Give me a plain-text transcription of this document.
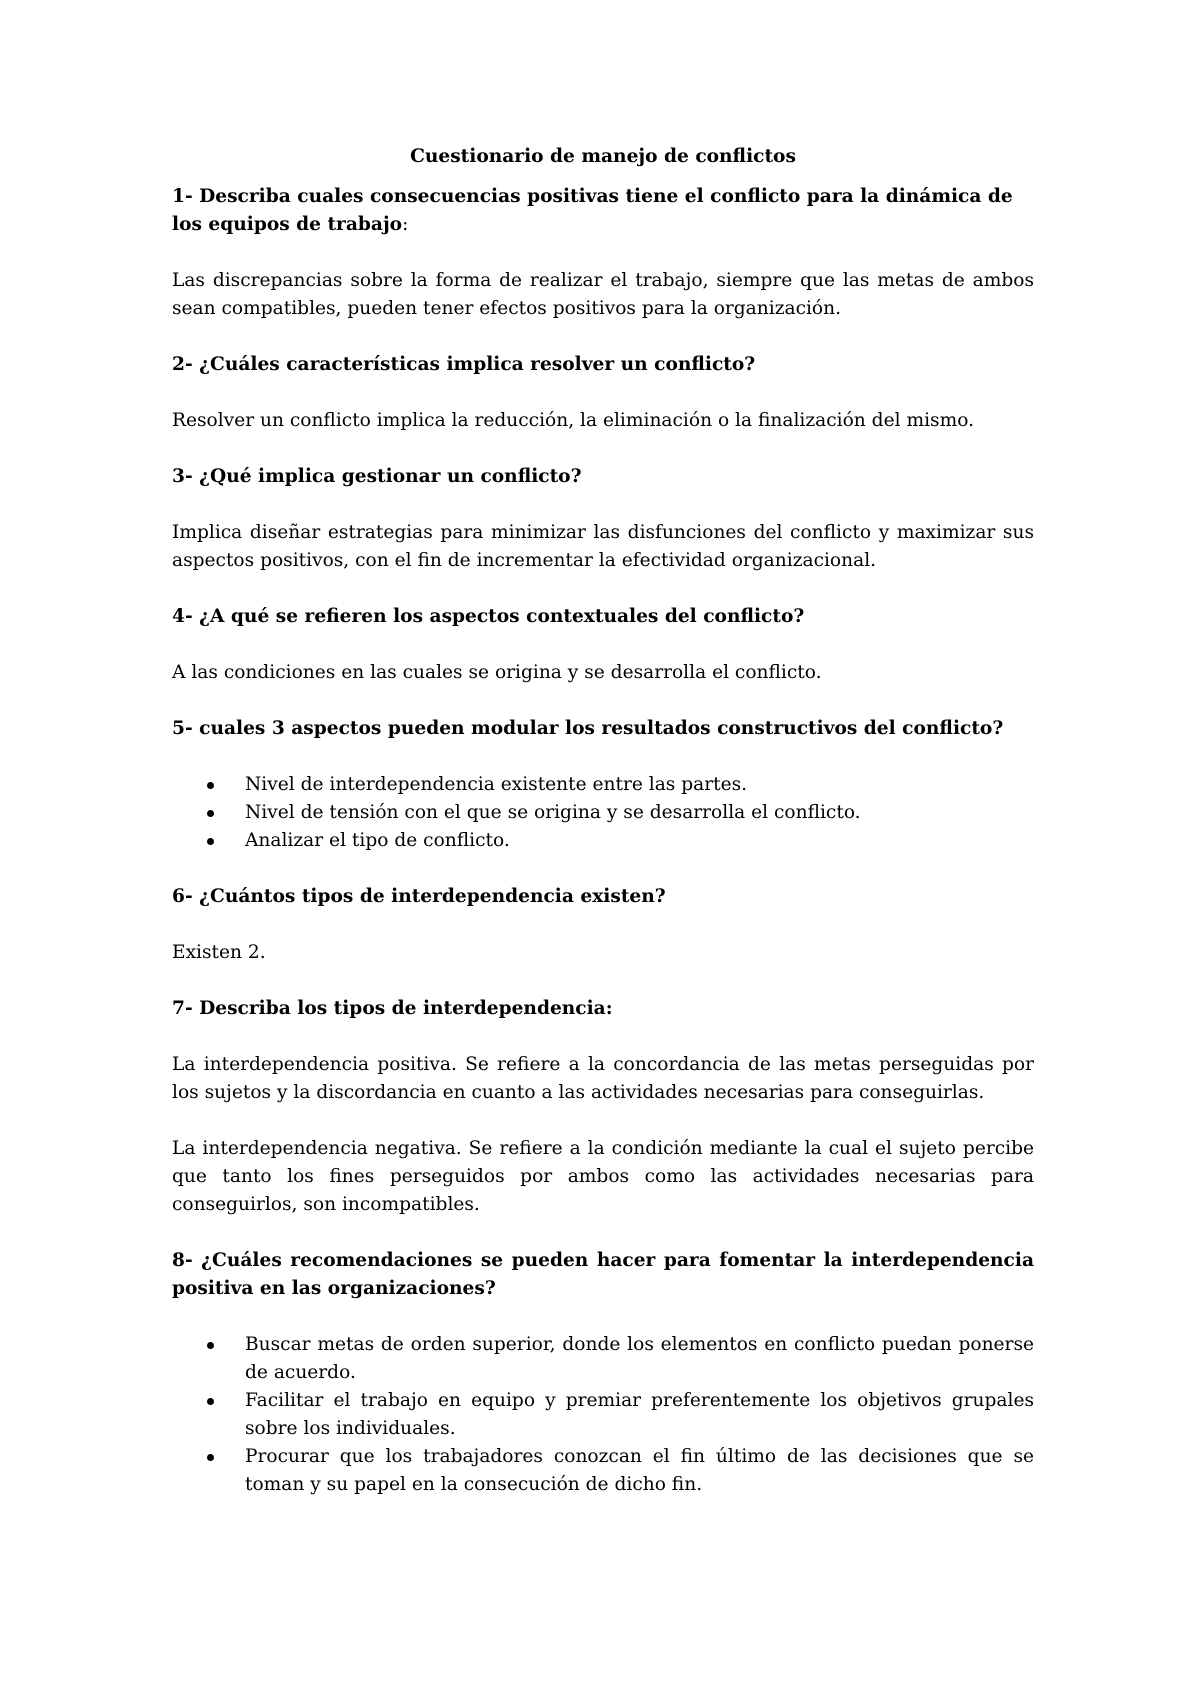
Cuestionario de manejo de conflictos

1- Describa cuales consecuencias positivas tiene el conflicto para la dinámica de los equipos de trabajo:

Las discrepancias sobre la forma de realizar el trabajo, siempre que las metas de ambos sean compatibles, pueden tener efectos positivos para la organización.

2- ¿Cuáles características implica resolver un conflicto?

Resolver un conflicto implica la reducción, la eliminación o la finalización del mismo.

3- ¿Qué implica gestionar un conflicto?

Implica diseñar estrategias para minimizar las disfunciones del conflicto y maximizar sus aspectos positivos, con el fin de incrementar la efectividad organizacional.

4- ¿A qué se refieren los aspectos contextuales del conflicto?

A las condiciones en las cuales se origina y se desarrolla el conflicto.

5- cuales 3 aspectos pueden modular los resultados constructivos del conflicto?

Nivel de interdependencia existente entre las partes.
Nivel de tensión con el que se origina y se desarrolla el conflicto.
Analizar el tipo de conflicto.

6- ¿Cuántos tipos de interdependencia existen?

Existen 2.

7- Describa los tipos de interdependencia:

La interdependencia positiva. Se refiere a la concordancia de las metas perseguidas por los sujetos y la discordancia en cuanto a las actividades necesarias para conseguirlas.

La interdependencia negativa. Se refiere a la condición mediante la cual el sujeto percibe que tanto los fines perseguidos por ambos como las actividades necesarias para conseguirlos, son incompatibles.

8- ¿Cuáles recomendaciones se pueden hacer para fomentar la interdependencia positiva en las organizaciones?

Buscar metas de orden superior, donde los elementos en conflicto puedan ponerse de acuerdo.
Facilitar el trabajo en equipo y premiar preferentemente los objetivos grupales sobre los individuales.
Procurar que los trabajadores conozcan el fin último de las decisiones que se toman y su papel en la consecución de dicho fin.
